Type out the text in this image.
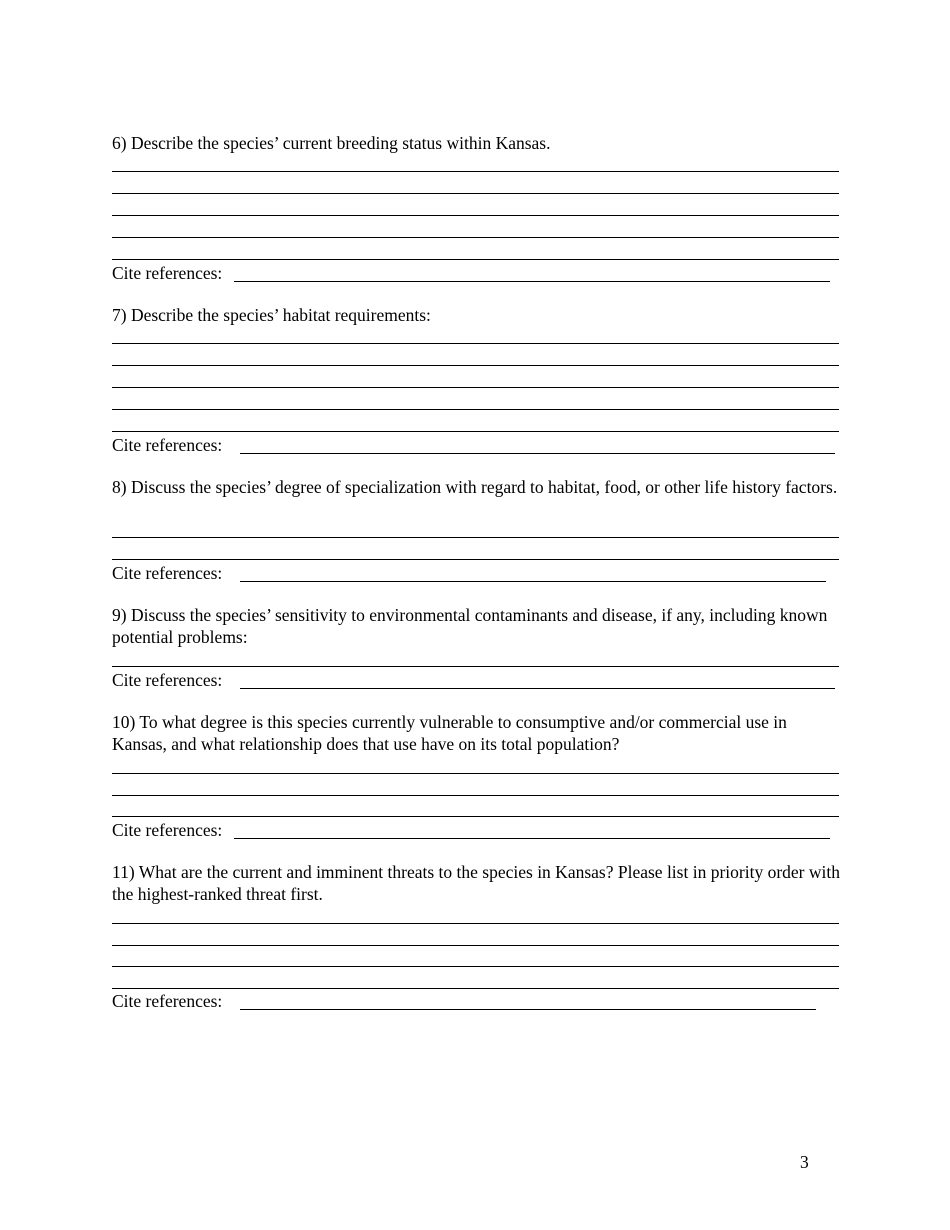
6) Describe the species’ current breeding status within Kansas.
Cite references:
7) Describe the species’ habitat requirements:
Cite references:
8) Discuss the species’ degree of specialization with regard to habitat, food, or other life history factors.
Cite references:
9) Discuss the species’ sensitivity to environmental contaminants and disease, if any, including known potential problems:
Cite references:
10) To what degree is this species currently vulnerable to consumptive and/or commercial use in Kansas, and what relationship does that use have on its total population?
Cite references:
11) What are the current and imminent threats to the species in Kansas? Please list in priority order with the highest-ranked threat first.
Cite references:
3
